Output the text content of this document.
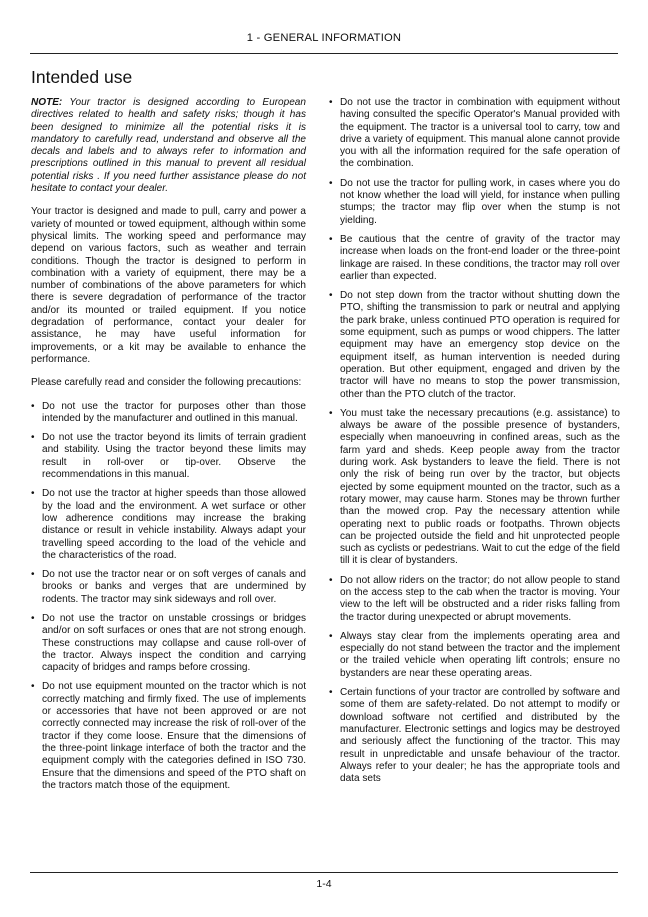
1 - GENERAL INFORMATION
Intended use

NOTE: Your tractor is designed according to European directives related to health and safety risks; though it has been designed to minimize all the potential risks it is mandatory to carefully read, understand and observe all the decals and labels and to always refer to information and prescriptions outlined in this manual to prevent all residual potential risks . If you need further assistance please do not hesitate to contact your dealer.

Your tractor is designed and made to pull, carry and power a variety of mounted or towed equipment, although within some physical limits. The working speed and performance may depend on various factors, such as weather and terrain conditions. Though the tractor is designed to perform in combination with a variety of equipment, there may be a number of combinations of the above parameters for which there is severe degradation of performance of the tractor and/or its mounted or trailed equipment. If you notice degradation of performance, contact your dealer for assistance, he may have useful information for improvements, or a kit may be available to enhance the performance.

Please carefully read and consider the following precautions:

• Do not use the tractor for purposes other than those intended by the manufacturer and outlined in this manual.
• Do not use the tractor beyond its limits of terrain gradient and stability. Using the tractor beyond these limits may result in roll-over or tip-over. Observe the recommendations in this manual.
• Do not use the tractor at higher speeds than those allowed by the load and the environment. A wet surface or other low adherence conditions may increase the braking distance or result in vehicle instability. Always adapt your travelling speed according to the load of the vehicle and the characteristics of the road.
• Do not use the tractor near or on soft verges of canals and brooks or banks and verges that are undermined by rodents. The tractor may sink sideways and roll over.
• Do not use the tractor on unstable crossings or bridges and/or on soft surfaces or ones that are not strong enough. These constructions may collapse and cause roll-over of the tractor. Always inspect the condition and carrying capacity of bridges and ramps before crossing.
• Do not use equipment mounted on the tractor which is not correctly matching and firmly fixed. The use of implements or accessories that have not been approved or are not correctly connected may increase the risk of roll-over of the tractor if they come loose. Ensure that the dimensions of the three-point linkage interface of both the tractor and the equipment comply with the categories defined in ISO 730. Ensure that the dimensions and speed of the PTO shaft on the tractors match those of the equipment.
• Do not use the tractor in combination with equipment without having consulted the specific Operator's Manual provided with the equipment. The tractor is a universal tool to carry, tow and drive a variety of equipment. This manual alone cannot provide you with all the information required for the safe operation of the combination.
• Do not use the tractor for pulling work, in cases where you do not know whether the load will yield, for instance when pulling stumps; the tractor may flip over when the stump is not yielding.
• Be cautious that the centre of gravity of the tractor may increase when loads on the front-end loader or the three-point linkage are raised. In these conditions, the tractor may roll over earlier than expected.
• Do not step down from the tractor without shutting down the PTO, shifting the transmission to park or neutral and applying the park brake, unless continued PTO operation is required for some equipment, such as pumps or wood chippers. The latter equipment may have an emergency stop device on the equipment itself, as human intervention is needed during operation. But other equipment, engaged and driven by the tractor will have no means to stop the power transmission, other than the PTO clutch of the tractor.
• You must take the necessary precautions (e.g. assistance) to always be aware of the possible presence of bystanders, especially when manoeuvring in confined areas, such as the farm yard and sheds. Keep people away from the tractor during work. Ask bystanders to leave the field. There is not only the risk of being run over by the tractor, but objects ejected by some equipment mounted on the tractor, such as a rotary mower, may cause harm. Stones may be thrown further than the mowed crop. Pay the necessary attention while operating next to public roads or footpaths. Thrown objects can be projected outside the field and hit unprotected people such as cyclists or pedestrians. Wait to cut the edge of the field till it is clear of bystanders.
• Do not allow riders on the tractor; do not allow people to stand on the access step to the cab when the tractor is moving. Your view to the left will be obstructed and a rider risks falling from the tractor during unexpected or abrupt movements.
• Always stay clear from the implements operating area and especially do not stand between the tractor and the implement or the trailed vehicle when operating lift controls; ensure no bystanders are near these operating areas.
• Certain functions of your tractor are controlled by software and some of them are safety-related. Do not attempt to modify or download software not certified and distributed by the manufacturer. Electronic settings and logics may be destroyed and seriously affect the functioning of the tractor. This may result in unpredictable and unsafe behaviour of the tractor. Always refer to your dealer; he has the appropriate tools and data sets
1-4
